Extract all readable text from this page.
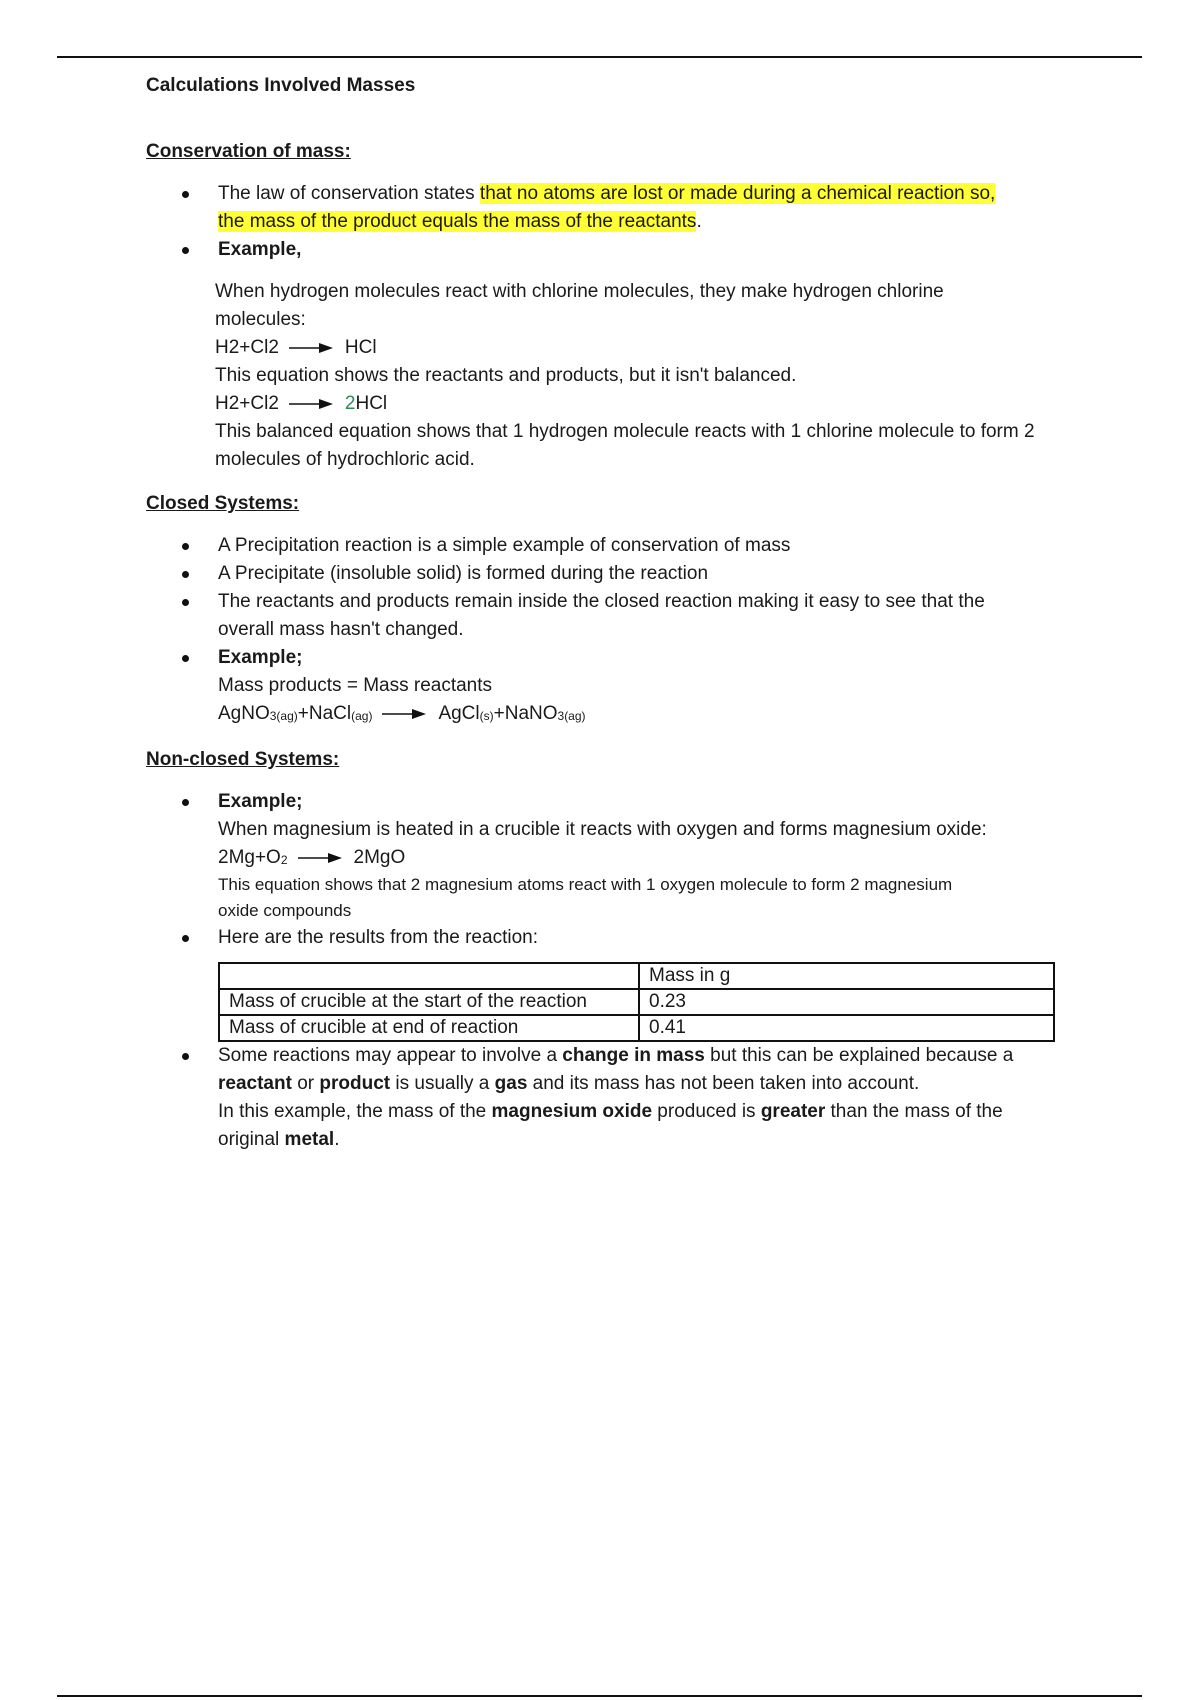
Calculations Involved Masses

Conservation of mass:

The law of conservation states that no atoms are lost or made during a chemical reaction so,
the mass of the product equals the mass of the reactants.
Example,
When hydrogen molecules react with chlorine molecules, they make hydrogen chlorine
molecules:
H2+Cl2	HCl
This equation shows the reactants and products, but it isn't balanced.
H2+Cl2	2 HCl
This balanced equation shows that 1 hydrogen molecule reacts with 1 chlorine molecule to form 2
molecules of hydrochloric acid.

Closed Systems:

A Precipitation reaction is a simple example of conservation of mass
A Precipitate (insoluble solid) is formed during the reaction
The reactants and products remain inside the closed reaction making it easy to see that the
overall mass hasn't changed.
Example;
Mass products = Mass reactants
AgNO 3(ag) +NaCl (ag)	AgCl (s) +NaNO 3(ag)

Non-closed Systems:

Example;
When magnesium is heated in a crucible it reacts with oxygen and forms magnesium oxide:
2Mg+O 2	2MgO
This equation shows that 2 magnesium atoms react with 1 oxygen molecule to form 2 magnesium
oxide compounds
Here are the results from the reaction:
	Mass in g
Mass of crucible at the start of the reaction	0.23
Mass of crucible at end of reaction	0.41
Some reactions may appear to involve a change in mass but this can be explained because a
reactant or product is usually a gas and its mass has not been taken into account.
In this example, the mass of the magnesium oxide produced is greater than the mass of the
original metal.
